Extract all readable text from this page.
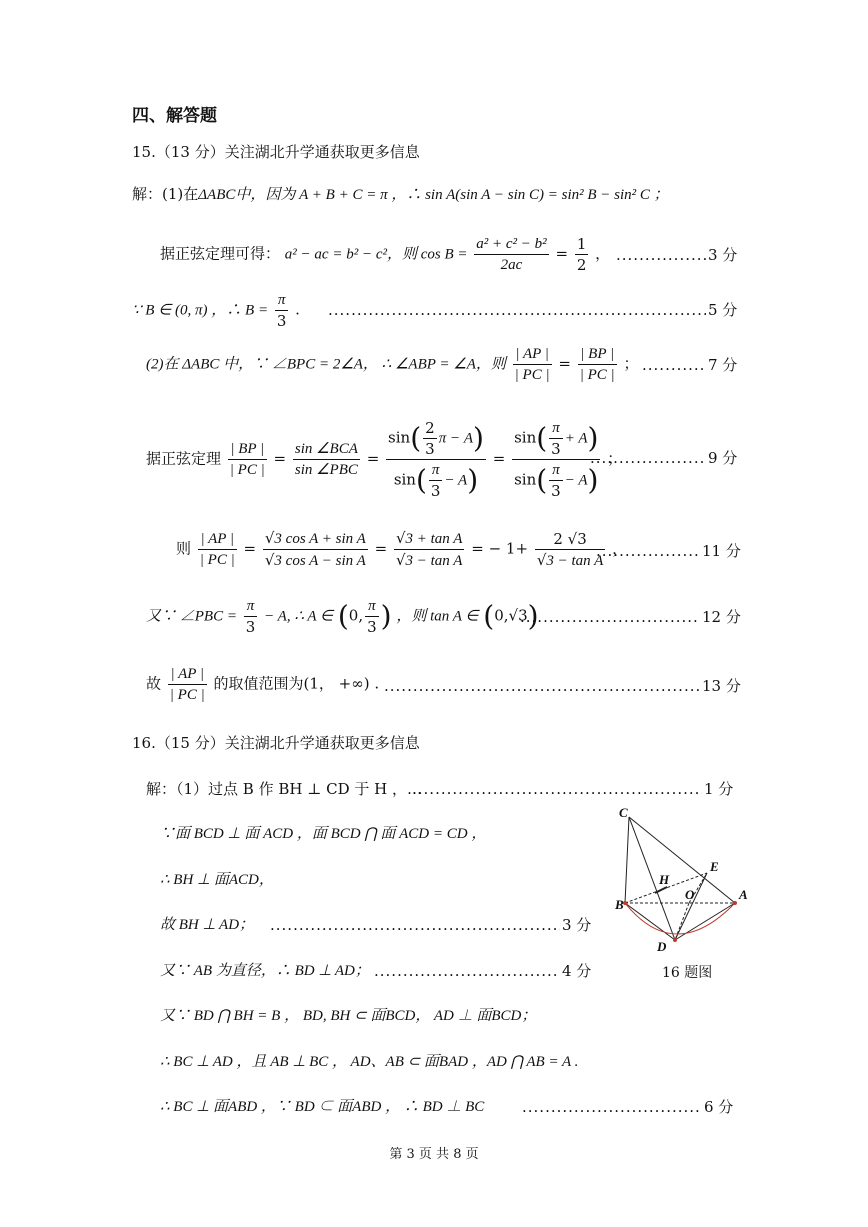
四、解答题
15.（13 分）关注湖北升学通获取更多信息
解：(1)在ΔABC中，因为 A + B + C = π ，∴ sin A(sin A − sin C) = sin² B − sin² C ；
据正弦定理可得： a² − ac = b² − c²，则 $\cos B = \frac{\text{a² + c² − b²}}{2ac} = \frac{1}{2}$ ， .....	3 分
∵ B ∈ (0, π) ，∴ $B = \frac{\pi}{3}$ . .....	5 分
(2)在 ΔABC 中，∵ ∠BPC = 2∠A， ∴ ∠ABP = ∠A，则 $\frac{| AP |}{| PC |} = \frac{| BP |}{| PC |}$ ； .....	7 分
据正弦定理 $\frac{| BP |}{| PC |} = \frac{\text{sin ∠BCA}}{\text{sin ∠PBC}} = \frac{\sin( \frac{2}{3} \pi - A)}{\sin( \frac{\pi}{3} - A)} = \frac{\sin( \frac{\pi}{3} + A)}{\sin( \frac{\pi}{3} - A)}$ ； .....	9 分
则 $\frac{| AP |}{| PC |} = \frac{\text{√3 cos A + sin A}}{\text{√3 cos A − sin A}} = \frac{\text{√3 + tan A}}{\text{√3 − tan A}}$ = − $1+ \frac{2 √3}{\text{√3 − tan A}}$ ， .....	11 分
又∵ ∠PBC = $\frac{\pi}{3} - A$, ∴ A ∈ (0, $\frac{\pi}{3}$ ) ，则 tan A ∈ (0,√3) .....	12 分
故 $\frac{| AP |}{| PC |}$ 的取值范围为(1， +∞) . .....	13 分
16.（15 分）关注湖北升学通获取更多信息
解：（1）过点 B 作 BH ⊥ CD 于 H ，… .....	1 分
∵面 BCD ⊥ 面 ACD ，面 BCD ⋂ 面 ACD = CD ，
∴ BH ⊥ 面ACD，
故 BH ⊥ AD； .....	3 分
又∵ AB 为直径，∴ BD ⊥ AD； .....	4 分
又∵ BD ⋂ BH = B ， BD, BH ⊂ 面BCD， AD ⊥ 面BCD；
∴ BC ⊥ AD ，且 AB ⊥ BC ， AD、AB ⊂ 面BAD ，AD ⋂ AB = A .
∴ BC ⊥ 面ABD ，∵ BD ⊂ 面ABD ， ∴ BD ⊥ BC .....	6 分
C
E
A
H
O
B
D
16 题图
第 3 页 共 8 页
